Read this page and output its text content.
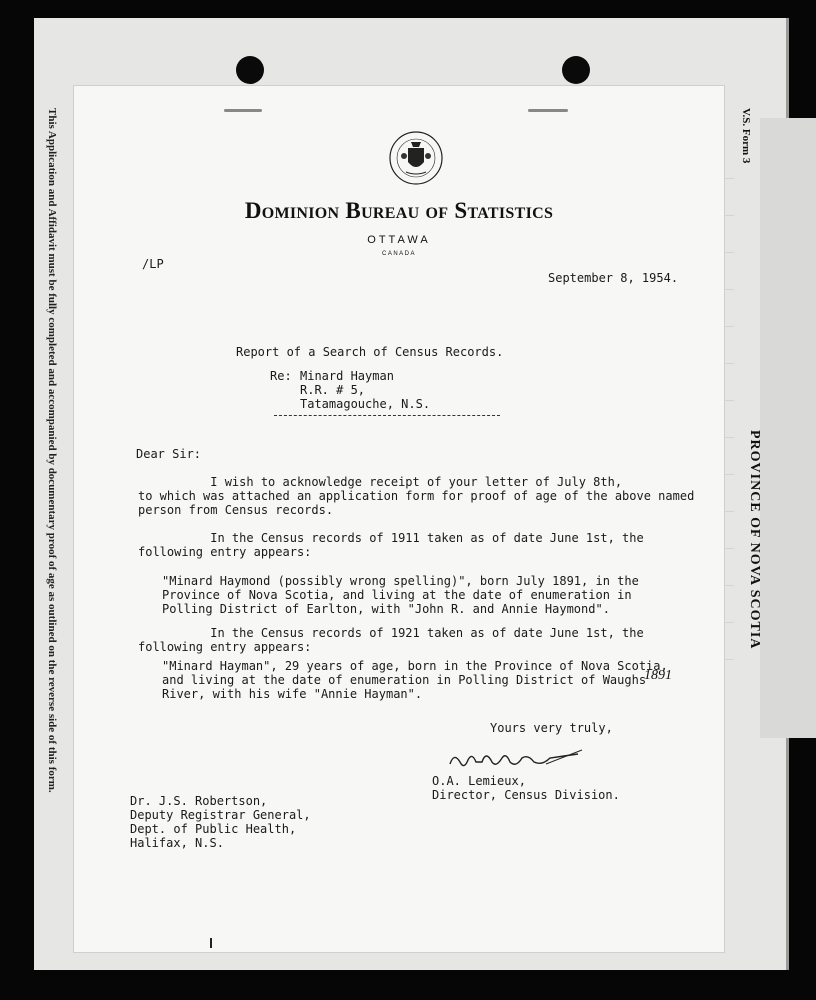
V.S. Form 3
PROVINCE OF NOVA SCOTIA
This Application and Affidavit must be fully completed and accompanied by documentary proof of age as outlined on the reverse side of this form.	Dominion Bureau of Statistics
OTTAWA
CANADA
/LP
September 8, 1954.
Report of a Search of Census Records.
Re: Minard Hayman
R.R. # 5,
Tatamagouche, N.S.
Dear Sir:
I wish to acknowledge receipt of your letter of July 8th,
to which was attached an application form for proof of age of the above named
person from Census records.
In the Census records of 1911 taken as of date June 1st, the
following entry appears:
"Minard Haymond (possibly wrong spelling)", born July 1891, in the
Province of Nova Scotia, and living at the date of enumeration in
Polling District of Earlton, with "John R. and Annie Haymond".
In the Census records of 1921 taken as of date June 1st, the
following entry appears:
"Minard Hayman", 29 years of age, born in the Province of Nova Scotia,
and living at the date of enumeration in Polling District of Waughs
River, with his wife "Annie Hayman".
1891
Yours very truly,
O.A. Lemieux,
Director, Census Division.
Dr. J.S. Robertson,
Deputy Registrar General,
Dept. of Public Health,
Halifax, N.S.
